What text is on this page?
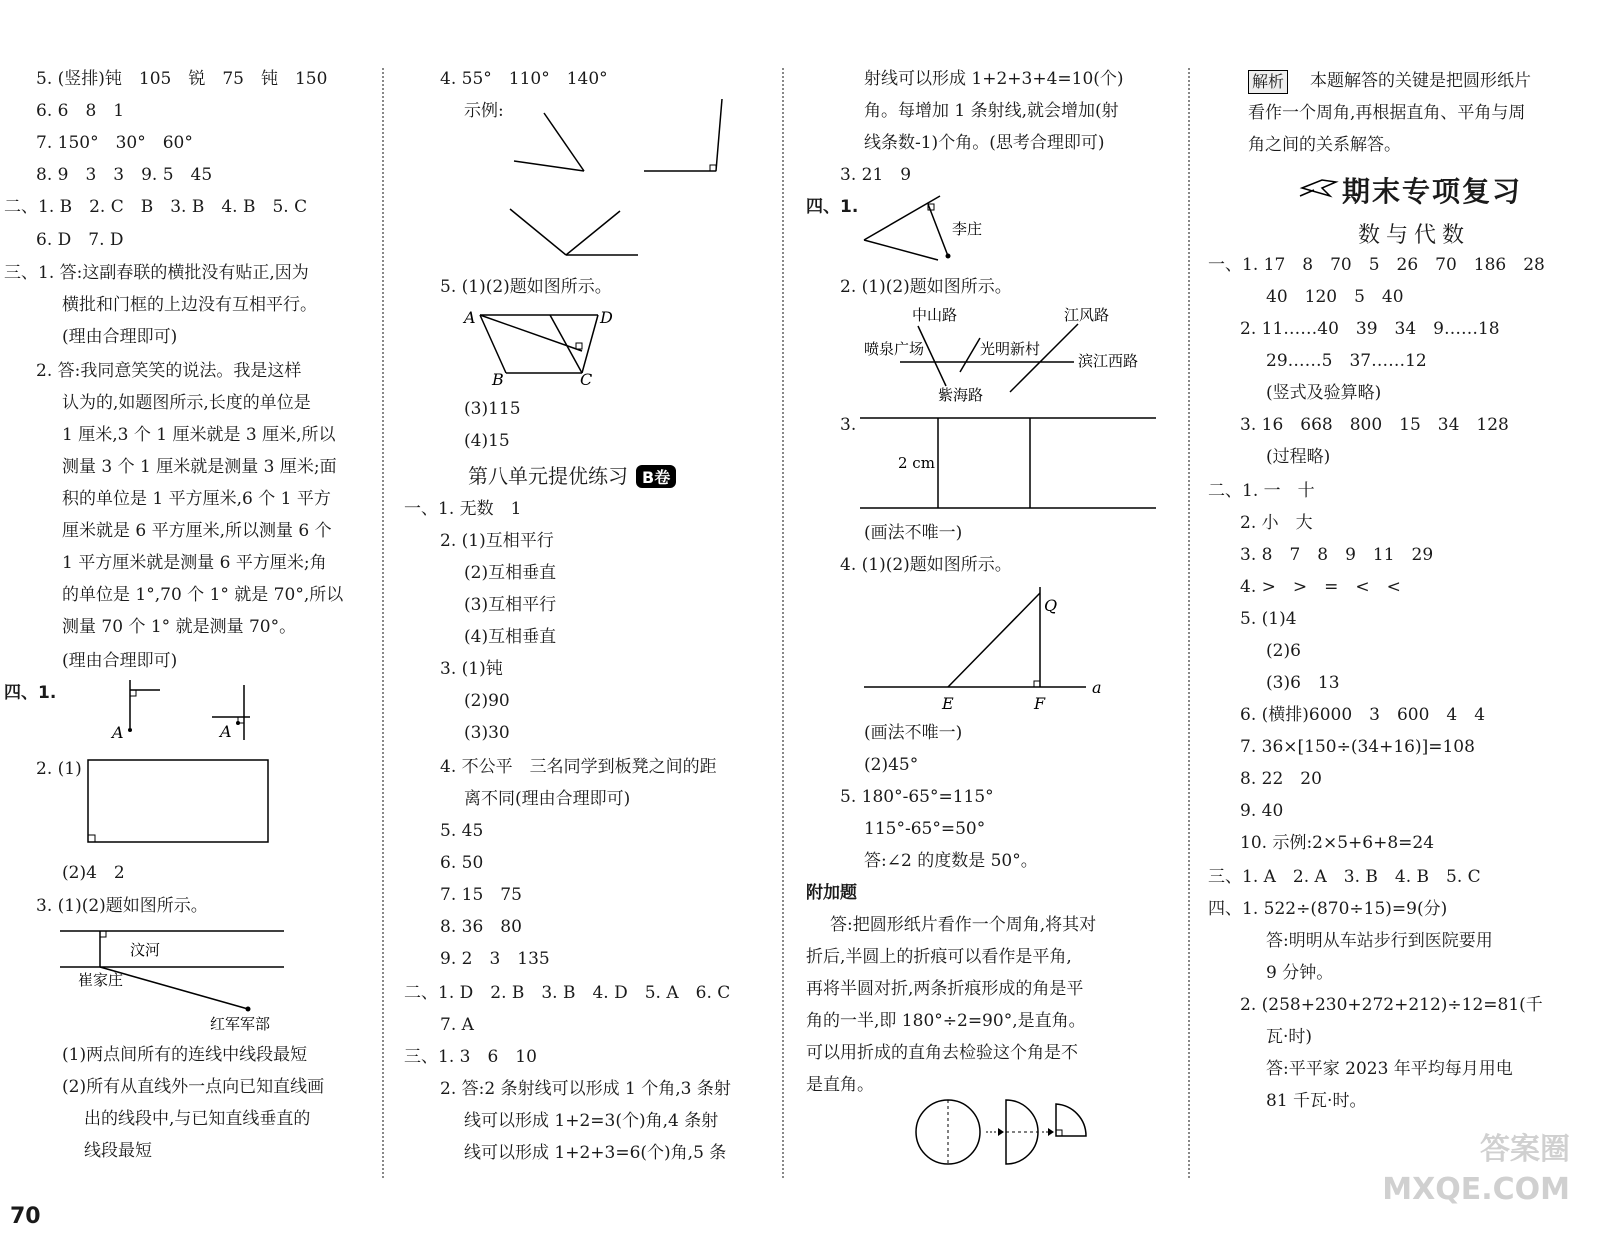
5. (竖排)钝　105　锐　75　钝　150
6. 6　8　1
7. 150°　30°　60°
8. 9　3　3　9. 5　45
二、1. B　2. C　B　3. B　4. B　5. C
6. D　7. D
三、1. 答:这副春联的横批没有贴正,因为
横批和门框的上边没有互相平行。
(理由合理即可)
2. 答:我同意笑笑的说法。我是这样
认为的,如题图所示,长度的单位是
1 厘米,3 个 1 厘米就是 3 厘米,所以
测量 3 个 1 厘米就是测量 3 厘米;面
积的单位是 1 平方厘米,6 个 1 平方
厘米就是 6 平方厘米,所以测量 6 个
1 平方厘米就是测量 6 平方厘米;角
的单位是 1°,70 个 1° 就是 70°,所以
测量 70 个 1° 就是测量 70°。
(理由合理即可)
四、1.
A	A
2. (1)
(2)4　2
3. (1)(2)题如图所示。
汶河
崔家庄
红军军部
(1)两点间所有的连线中线段最短
(2)所有从直线外一点向已知直线画
出的线段中,与已知直线垂直的
线段最短
70
4. 55°　110°　140°
示例:
5. (1)(2)题如图所示。
A	D
B	C
(3)115
(4)15
第八单元提优练习 B卷
一、1. 无数　1
2. (1)互相平行
(2)互相垂直
(3)互相平行
(4)互相垂直
3. (1)钝
(2)90
(3)30
4. 不公平　三名同学到板凳之间的距
离不同(理由合理即可)
5. 45
6. 50
7. 15　75
8. 36　80
9. 2　3　135
二、1. D　2. B　3. B　4. D　5. A　6. C
7. A
三、1. 3　6　10
2. 答:2 条射线可以形成 1 个角,3 条射
线可以形成 1+2=3(个)角,4 条射
线可以形成 1+2+3=6(个)角,5 条
射线可以形成 1+2+3+4=10(个)
角。每增加 1 条射线,就会增加(射
线条数-1)个角。(思考合理即可)
3. 21　9
四、1.
李庄
2. (1)(2)题如图所示。
中山路	江风路
喷泉广场	光明新村
滨江西路
紫海路
3.
2 cm
(画法不唯一)
4. (1)(2)题如图所示。
Q
E	F
a
(画法不唯一)
(2)45°
5. 180°-65°=115°
115°-65°=50°
答:∠2 的度数是 50°。
附加题
答:把圆形纸片看作一个周角,将其对
折后,半圆上的折痕可以看作是平角,
再将半圆对折,两条折痕形成的角是平
角的一半,即 180°÷2=90°,是直角。
可以用折成的直角去检验这个角是不
是直角。
解析 本题解答的关键是把圆形纸片
看作一个周角,再根据直角、平角与周
角之间的关系解答。
期末专项复习
数与代数
一、1. 17　8　70　5　26　70　186　28
40　120　5　40
2. 11……40　39　34　9……18
29……5　37……12
(竖式及验算略)
3. 16　668　800　15　34　128
(过程略)
二、1. 一　十
2. 小　大
3. 8　7　8　9　11　29
4. >　>　=　<　<
5. (1)4
(2)6
(3)6　13
6. (横排)6000　3　600　4　4
7. 36×[150÷(34+16)]=108
8. 22　20
9. 40
10. 示例:2×5+6+8=24
三、1. A　2. A　3. B　4. B　5. C
四、1. 522÷(870÷15)=9(分)
答:明明从车站步行到医院要用
9 分钟。
2. (258+230+272+212)÷12=81(千
瓦·时)
答:平平家 2023 年平均每月用电
81 千瓦·时。
答案圈 MXQE.COM
